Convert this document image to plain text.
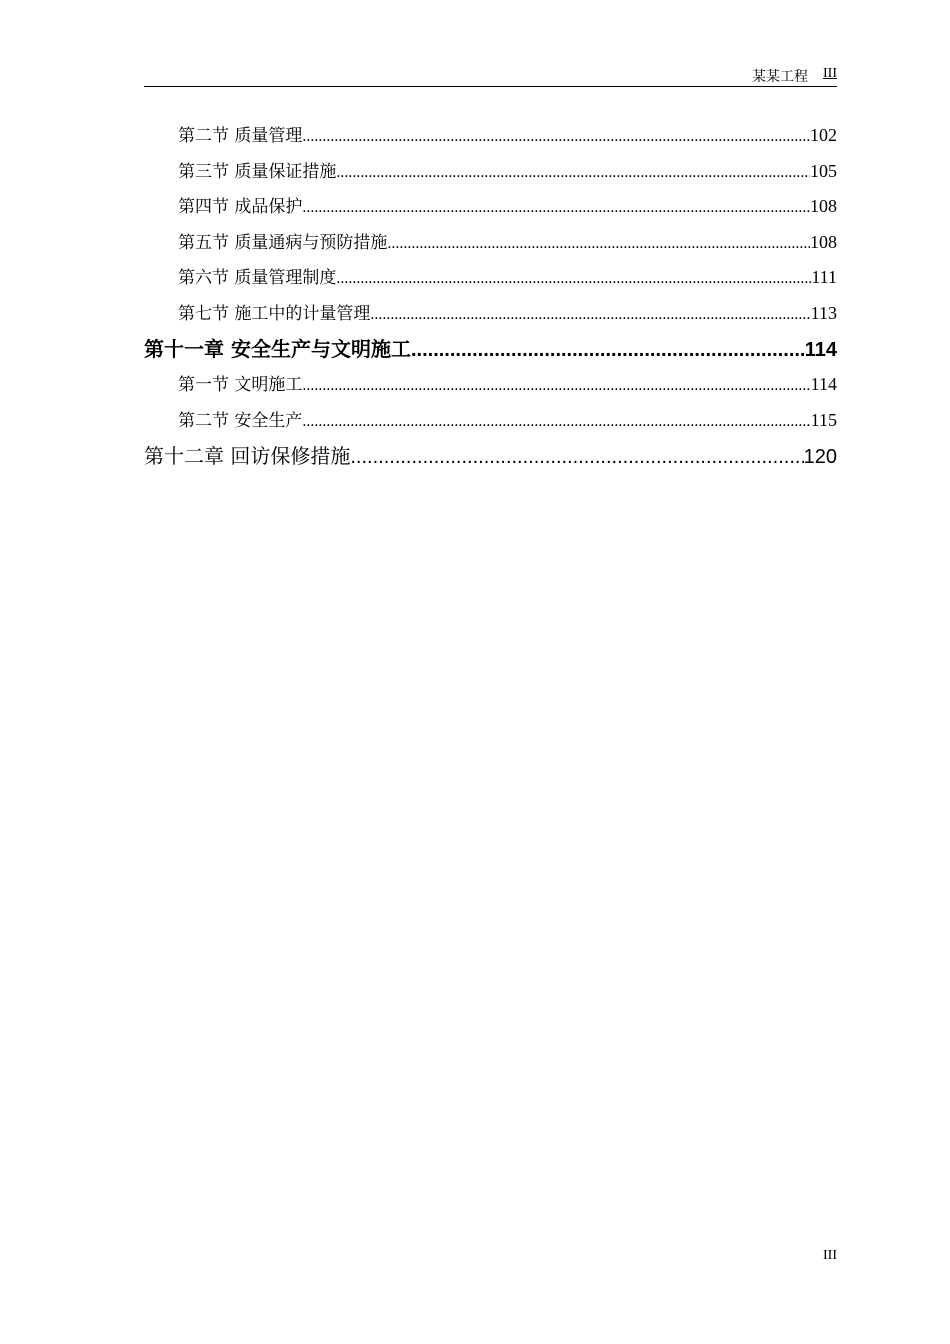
某某工程 III
第二节 质量管理 .....	102
第三节 质量保证措施 .....	105
第四节 成品保护 .....	108
第五节 质量通病与预防措施 .....	108
第六节 质量管理制度 .....	111
第七节 施工中的计量管理 .....	113
第十一章 安全生产与文明施工 .....	114
第一节 文明施工 .....	114
第二节 安全生产 .....	115
第十二章 回访保修措施 .....	120
III
